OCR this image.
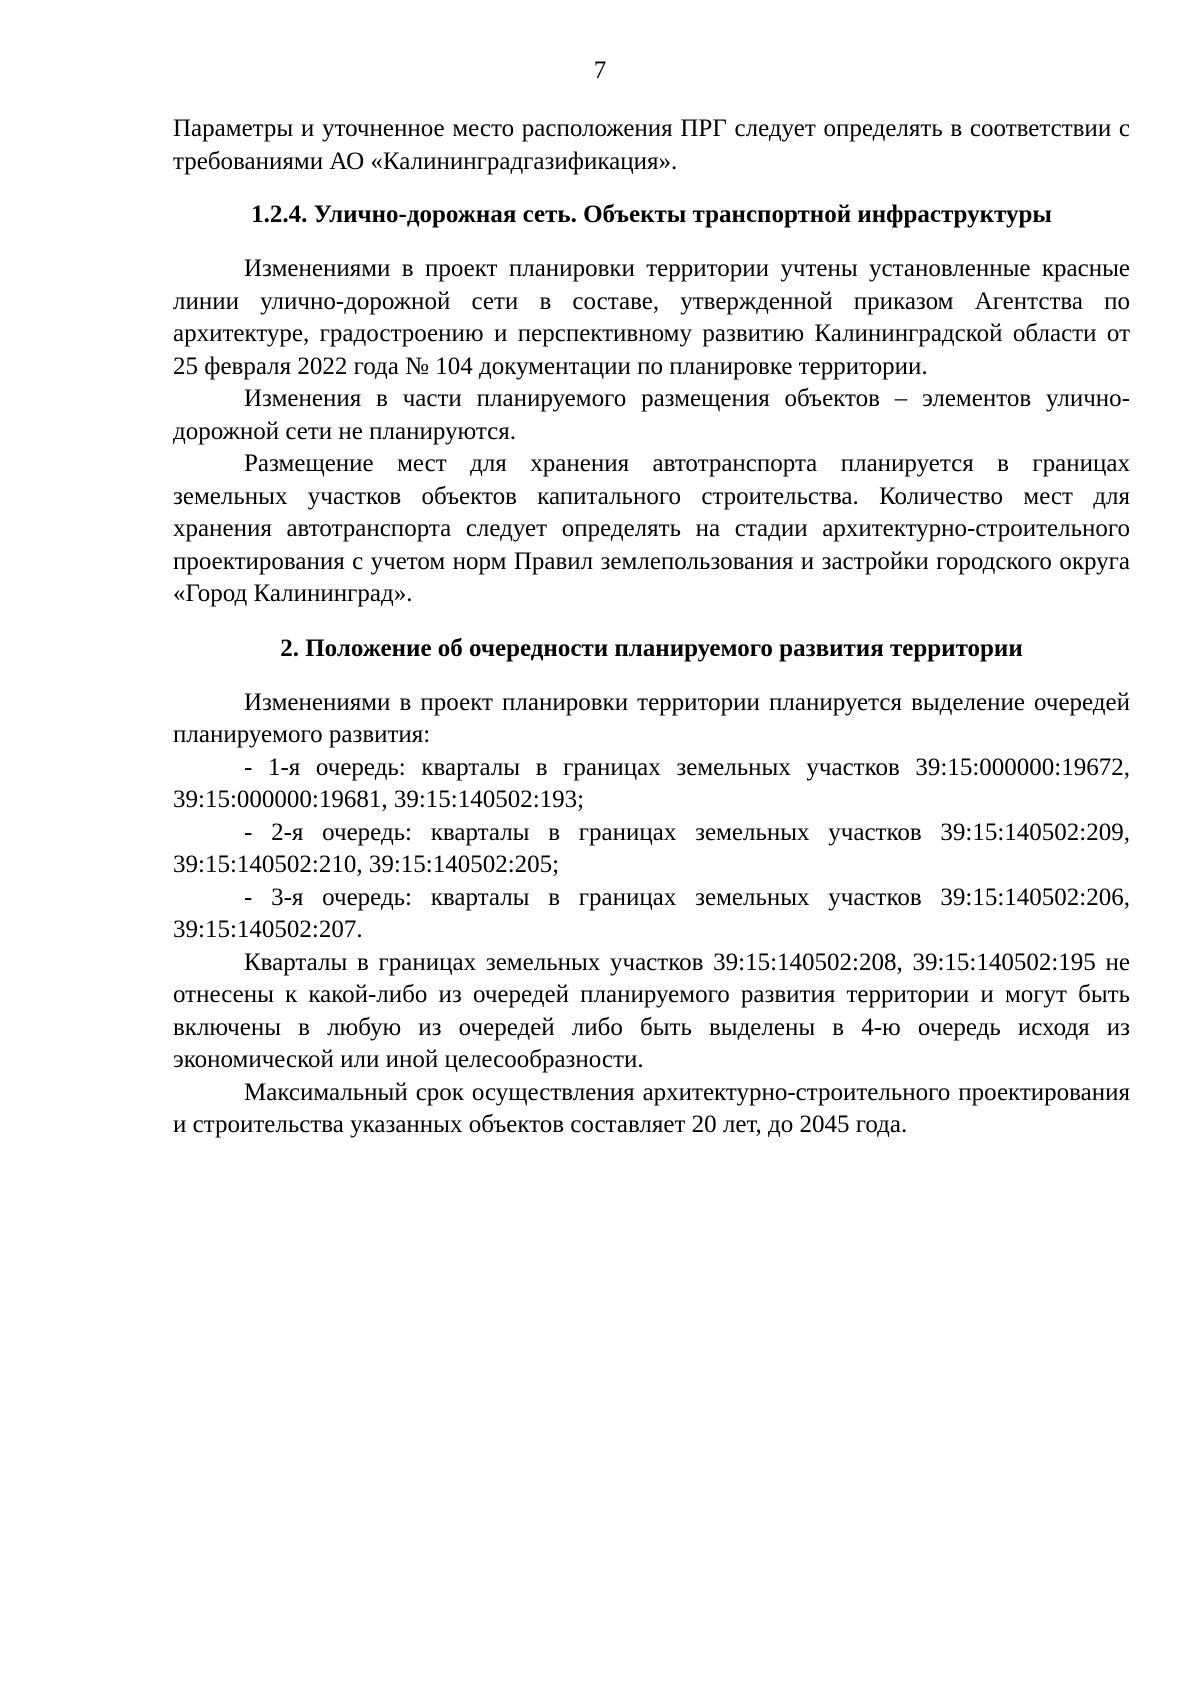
7

Параметры и уточненное место расположения ПРГ следует определять в соответствии с требованиями АО «Калининградгазификация».

1.2.4. Улично-дорожная сеть. Объекты транспортной инфраструктуры

Изменениями в проект планировки территории учтены установленные красные линии улично-дорожной сети в составе, утвержденной приказом Агентства по архитектуре, градостроению и перспективному развитию Калининградской области от 25 февраля 2022 года № 104 документации по планировке территории.

Изменения в части планируемого размещения объектов – элементов улично-дорожной сети не планируются.

Размещение мест для хранения автотранспорта планируется в границах земельных участков объектов капитального строительства. Количество мест для хранения автотранспорта следует определять на стадии архитектурно-строительного проектирования с учетом норм Правил землепользования и застройки городского округа «Город Калининград».

2. Положение об очередности планируемого развития территории

Изменениями в проект планировки территории планируется выделение очередей планируемого развития:

- 1-я очередь: кварталы в границах земельных участков 39:15:000000:19672, 39:15:000000:19681, 39:15:140502:193;

- 2-я очередь: кварталы в границах земельных участков 39:15:140502:209, 39:15:140502:210, 39:15:140502:205;

- 3-я очередь: кварталы в границах земельных участков 39:15:140502:206, 39:15:140502:207.

Кварталы в границах земельных участков 39:15:140502:208, 39:15:140502:195 не отнесены к какой-либо из очередей планируемого развития территории и могут быть включены в любую из очередей либо быть выделены в 4-ю очередь исходя из экономической или иной целесообразности.

Максимальный срок осуществления архитектурно-строительного проектирования и строительства указанных объектов составляет 20 лет, до 2045 года.
